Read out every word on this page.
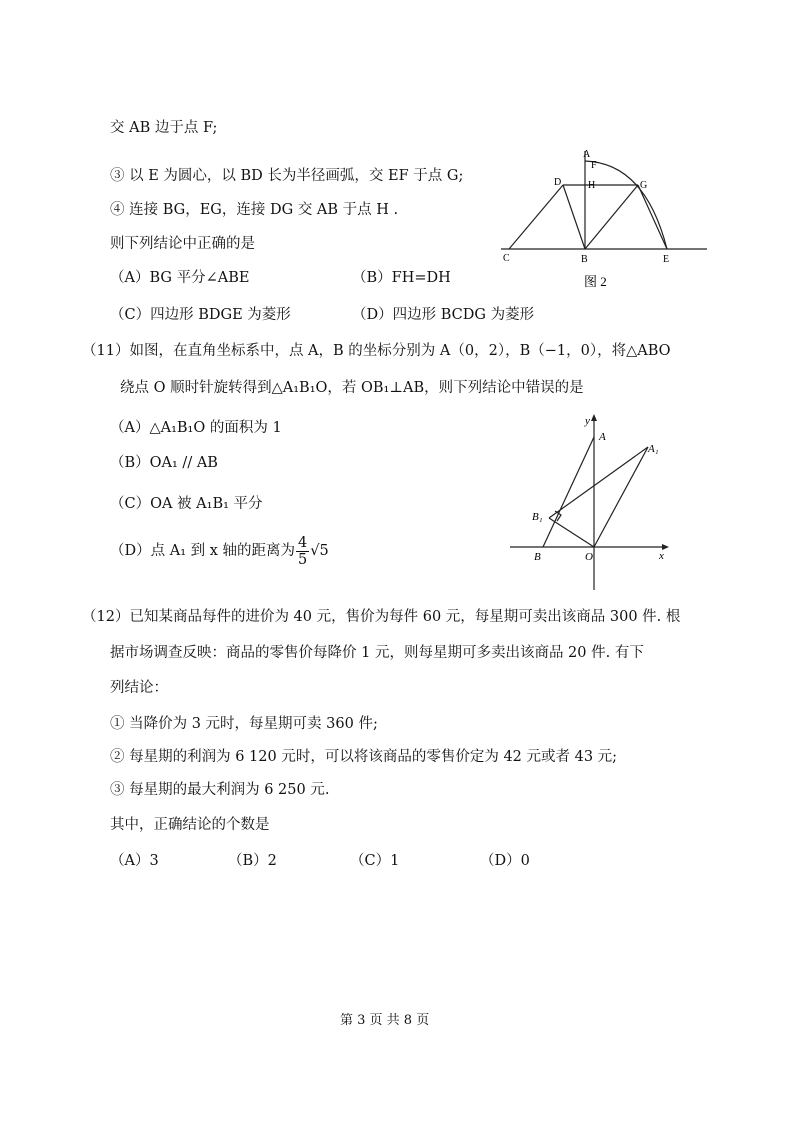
交 AB 边于点 F;
③ 以 E 为圆心，以 BD 长为半径画弧，交 EF 于点 G;
④ 连接 BG，EG，连接 DG 交 AB 于点 H .
则下列结论中正确的是
（A）BG 平分∠ABE	（B）FH=DH
（C）四边形 BDGE 为菱形	（D）四边形 BCDG 为菱形
A
F
D	H	G
C	B	E
图 2
（11）如图，在直角坐标系中，点 A，B 的坐标分别为 A（0，2），B（−1，0），将△ABO
绕点 O 顺时针旋转得到△A₁B₁O，若 OB₁⊥AB，则下列结论中错误的是
（A）△A₁B₁O 的面积为 1
（B）OA₁ // AB
（C）OA 被 A₁B₁ 平分
（D）点 A₁ 到 x 轴的距离为 $\frac{4}{5} √5$
y
x
A
A₁
B₁
B	O
（12）已知某商品每件的进价为 40 元，售价为每件 60 元，每星期可卖出该商品 300 件. 根
据市场调查反映：商品的零售价每降价 1 元，则每星期可多卖出该商品 20 件. 有下
列结论：
① 当降价为 3 元时，每星期可卖 360 件;
② 每星期的利润为 6 120 元时，可以将该商品的零售价定为 42 元或者 43 元;
③ 每星期的最大利润为 6 250 元.
其中，正确结论的个数是
（A）3	（B）2	（C）1	（D）0
第 3 页 共 8 页
